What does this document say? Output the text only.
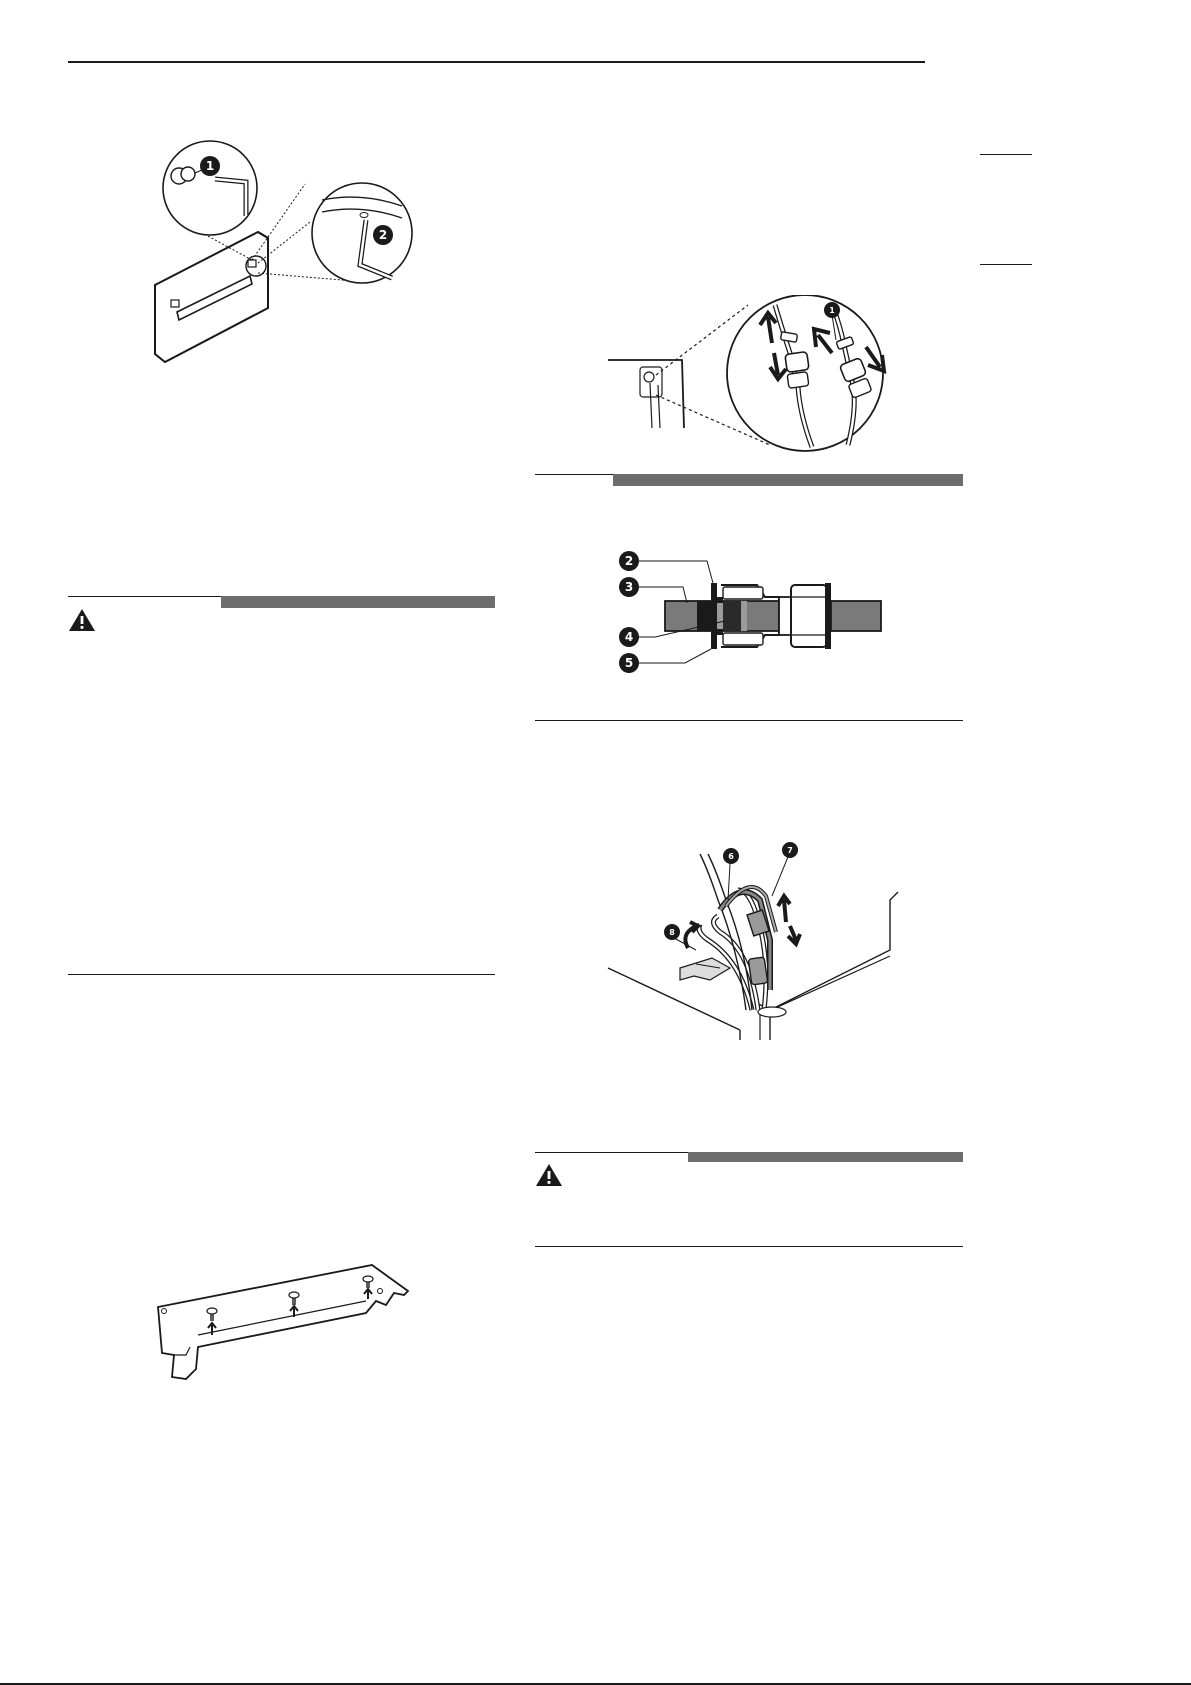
1
2
1
2
3
4
5
6
7
8
